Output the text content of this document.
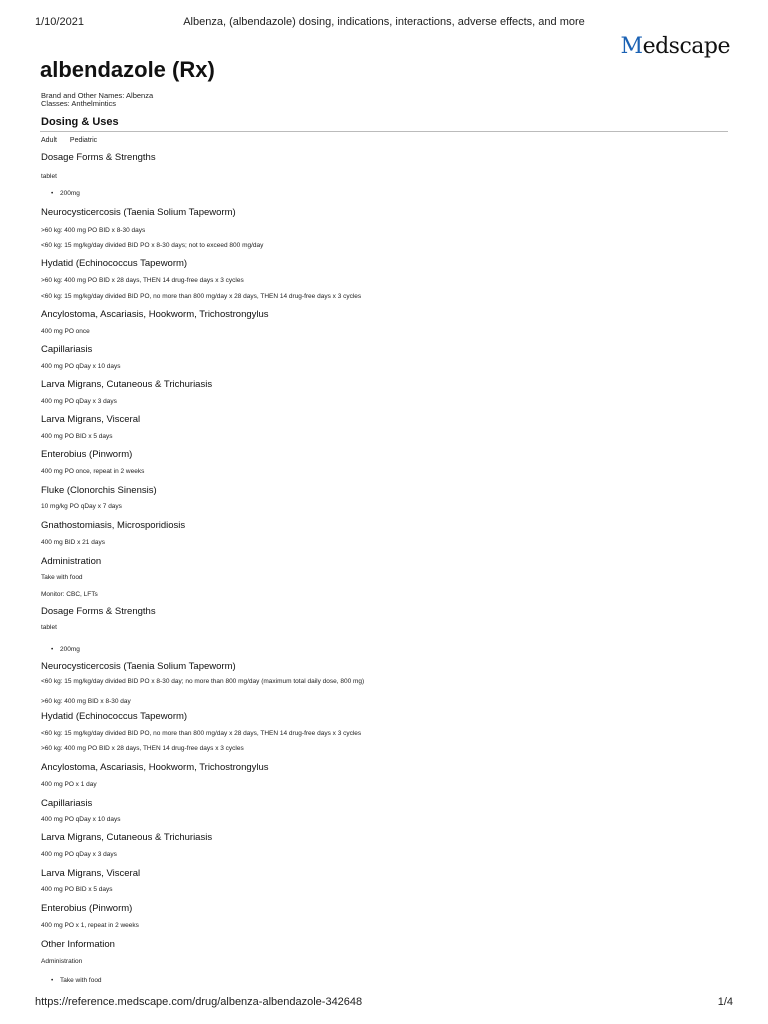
1/10/2021	Albenza, (albendazole) dosing, indications, interactions, adverse effects, and more
Medscape
albendazole (Rx)
Brand and Other Names: Albenza
Classes: Anthelmintics
Dosing & Uses
Adult Pediatric
Dosage Forms & Strengths
tablet
• 200mg
Neurocysticercosis (Taenia Solium Tapeworm)
>60 kg: 400 mg PO BID x 8-30 days
<60 kg: 15 mg/kg/day divided BID PO x 8-30 days; not to exceed 800 mg/day
Hydatid (Echinococcus Tapeworm)
>60 kg: 400 mg PO BID x 28 days, THEN 14 drug-free days x 3 cycles
<60 kg: 15 mg/kg/day divided BID PO, no more than 800 mg/day x 28 days, THEN 14 drug-free days x 3 cycles
Ancylostoma, Ascariasis, Hookworm, Trichostrongylus
400 mg PO once
Capillariasis
400 mg PO qDay x 10 days
Larva Migrans, Cutaneous & Trichuriasis
400 mg PO qDay x 3 days
Larva Migrans, Visceral
400 mg PO BID x 5 days
Enterobius (Pinworm)
400 mg PO once, repeat in 2 weeks
Fluke (Clonorchis Sinensis)
10 mg/kg PO qDay x 7 days
Gnathostomiasis, Microsporidiosis
400 mg BID x 21 days
Administration
Take with food
Monitor: CBC, LFTs
Dosage Forms & Strengths
tablet
• 200mg
Neurocysticercosis (Taenia Solium Tapeworm)
<60 kg: 15 mg/kg/day divided BID PO x 8-30 day; no more than 800 mg/day (maximum total daily dose, 800 mg)
>60 kg: 400 mg BID x 8-30 day
Hydatid (Echinococcus Tapeworm)
<60 kg: 15 mg/kg/day divided BID PO, no more than 800 mg/day x 28 days, THEN 14 drug-free days x 3 cycles
>60 kg: 400 mg PO BID x 28 days, THEN 14 drug-free days x 3 cycles
Ancylostoma, Ascariasis, Hookworm, Trichostrongylus
400 mg PO x 1 day
Capillariasis
400 mg PO qDay x 10 days
Larva Migrans, Cutaneous & Trichuriasis
400 mg PO qDay x 3 days
Larva Migrans, Visceral
400 mg PO BID x 5 days
Enterobius (Pinworm)
400 mg PO x 1, repeat in 2 weeks
Other Information
Administration
• Take with food
https://reference.medscape.com/drug/albenza-albendazole-342648	1/4
